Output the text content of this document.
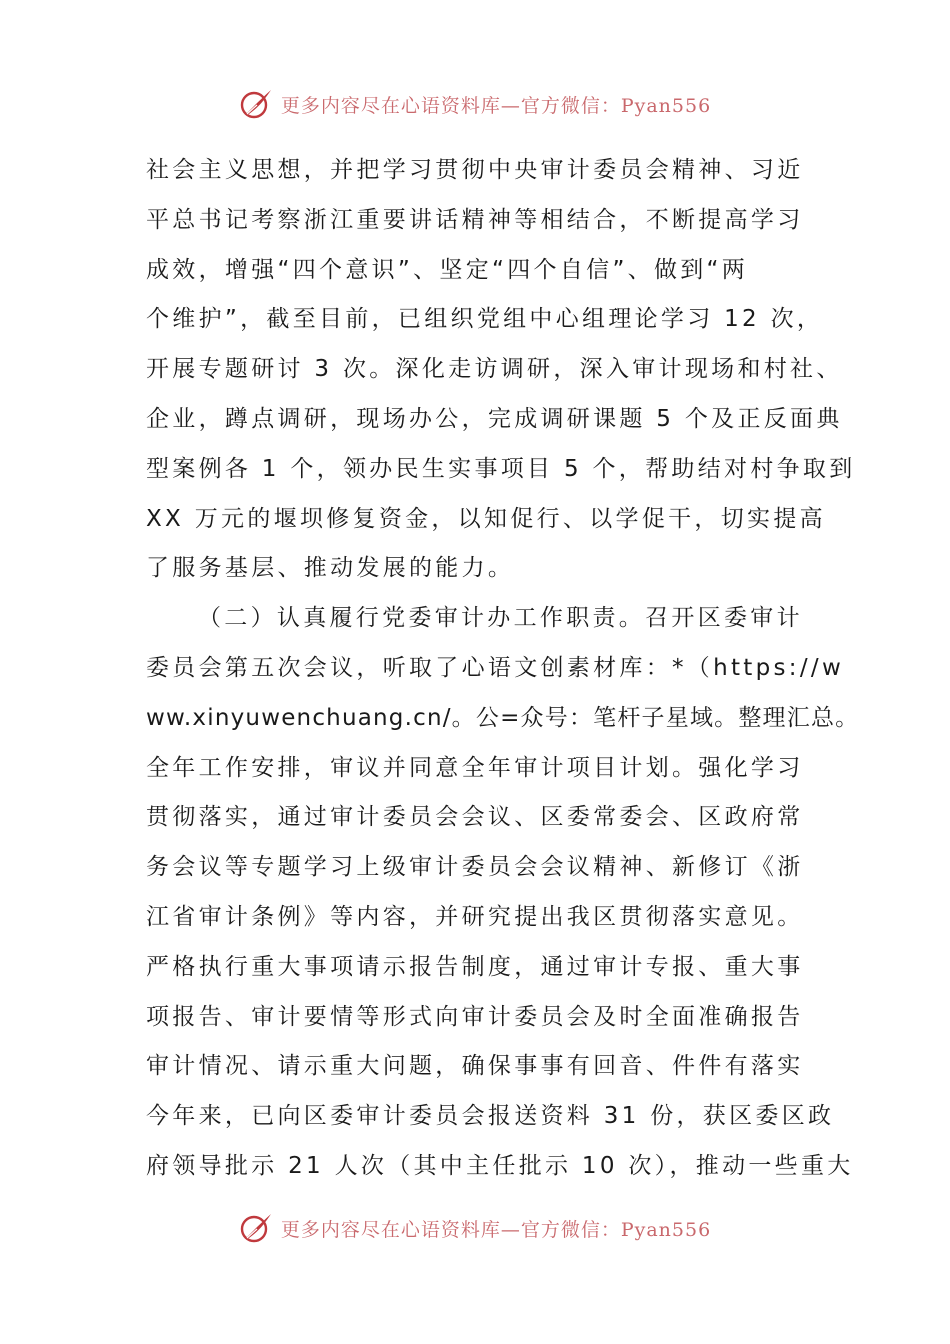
更多内容尽在心语资料库—官方微信：Pyan556
社会主义思想，并把学习贯彻中央审计委员会精神、习近
平总书记考察浙江重要讲话精神等相结合，不断提高学习
成效，增强“四个意识”、坚定“四个自信”、做到“两
个维护”，截至目前，已组织党组中心组理论学习 12 次，
开展专题研讨 3 次。深化走访调研，深入审计现场和村社、
企业，蹲点调研，现场办公，完成调研课题 5 个及正反面典
型案例各 1 个，领办民生实事项目 5 个，帮助结对村争取到
XX 万元的堰坝修复资金，以知促行、以学促干，切实提高
了服务基层、推动发展的能力。
（二）认真履行党委审计办工作职责。召开区委审计
委员会第五次会议，听取了心语文创素材库：*（https://w
ww.xinyuwenchuang.cn/。公=众号：笔杆子星域。整理汇总。
全年工作安排，审议并同意全年审计项目计划。强化学习
贯彻落实，通过审计委员会会议、区委常委会、区政府常
务会议等专题学习上级审计委员会会议精神、新修订《浙
江省审计条例》等内容，并研究提出我区贯彻落实意见。
严格执行重大事项请示报告制度，通过审计专报、重大事
项报告、审计要情等形式向审计委员会及时全面准确报告
审计情况、请示重大问题，确保事事有回音、件件有落实
今年来，已向区委审计委员会报送资料 31 份，获区委区政
府领导批示 21 人次（其中主任批示 10 次），推动一些重大
更多内容尽在心语资料库—官方微信：Pyan556
